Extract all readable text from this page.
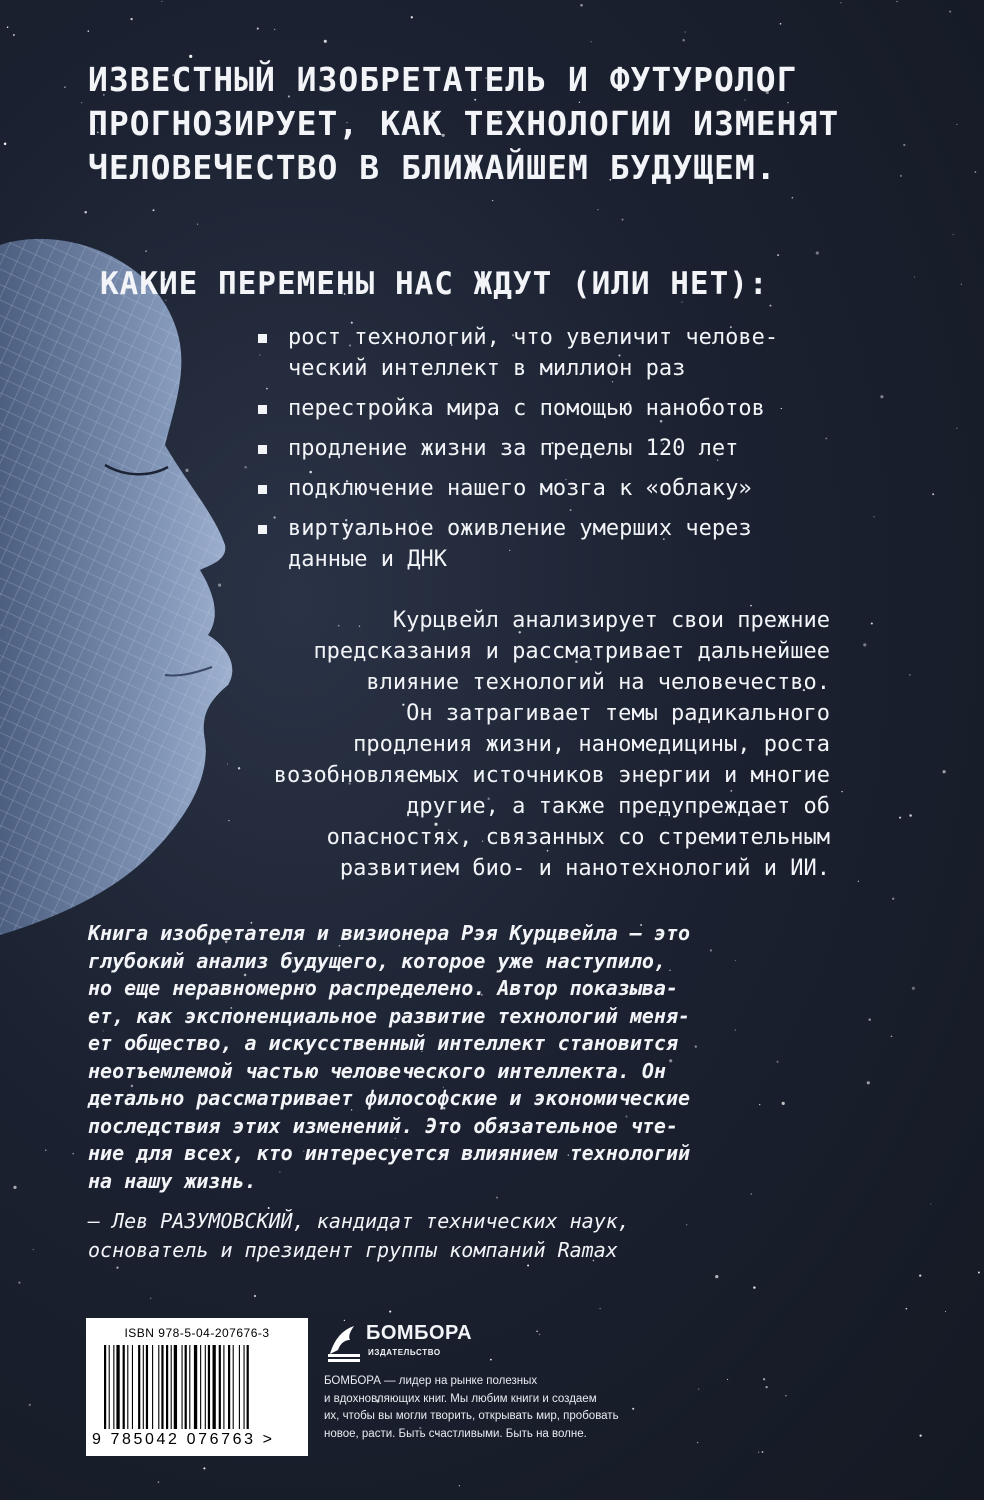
ИЗВЕСТНЫЙ ИЗОБРЕТАТЕЛЬ И ФУТУРОЛОГ
ПРОГНОЗИРУЕТ, КАК ТЕХНОЛОГИИ ИЗМЕНЯТ
ЧЕЛОВЕЧЕСТВО В БЛИЖАЙШЕМ БУДУЩЕМ.
КАКИЕ ПЕРЕМЕНЫ НАС ЖДУТ (ИЛИ НЕТ):
рост технологий, что увеличит челове-
ческий интеллект в миллион раз
перестройка мира с помощью наноботов
продление жизни за пределы 120 лет
подключение нашего мозга к «облаку»
виртуальное оживление умерших через
данные и ДНК
Курцвейл анализирует свои прежние
предсказания и рассматривает дальнейшее
влияние технологий на человечество.
Он затрагивает темы радикального
продления жизни, наномедицины, роста
возобновляемых источников энергии и многие
другие, а также предупреждает об
опасностях, связанных со стремительным
развитием био- и нанотехнологий и ИИ.
Книга изобретателя и визионера Рэя Курцвейла — это
глубокий анализ будущего, которое уже наступило,
но еще неравномерно распределено. Автор показыва-
ет, как экспоненциальное развитие технологий меня-
ет общество, а искусственный интеллект становится
неотъемлемой частью человеческого интеллекта. Он
детально рассматривает философские и экономические
последствия этих изменений. Это обязательное чте-
ние для всех, кто интересуется влиянием технологий
на нашу жизнь.
— Лев РАЗУМОВСКИЙ, кандидат технических наук,
основатель и президент группы компаний Ramax
ISBN 978-5-04-207676-3
9 785042 076763 >
БОМБОРА
ИЗДАТЕЛЬСТВО
БОМБОРА — лидер на рынке полезных
и вдохновляющих книг. Мы любим книги и создаем
их, чтобы вы могли творить, открывать мир, пробовать
новое, расти. Быть счастливыми. Быть на волне.
